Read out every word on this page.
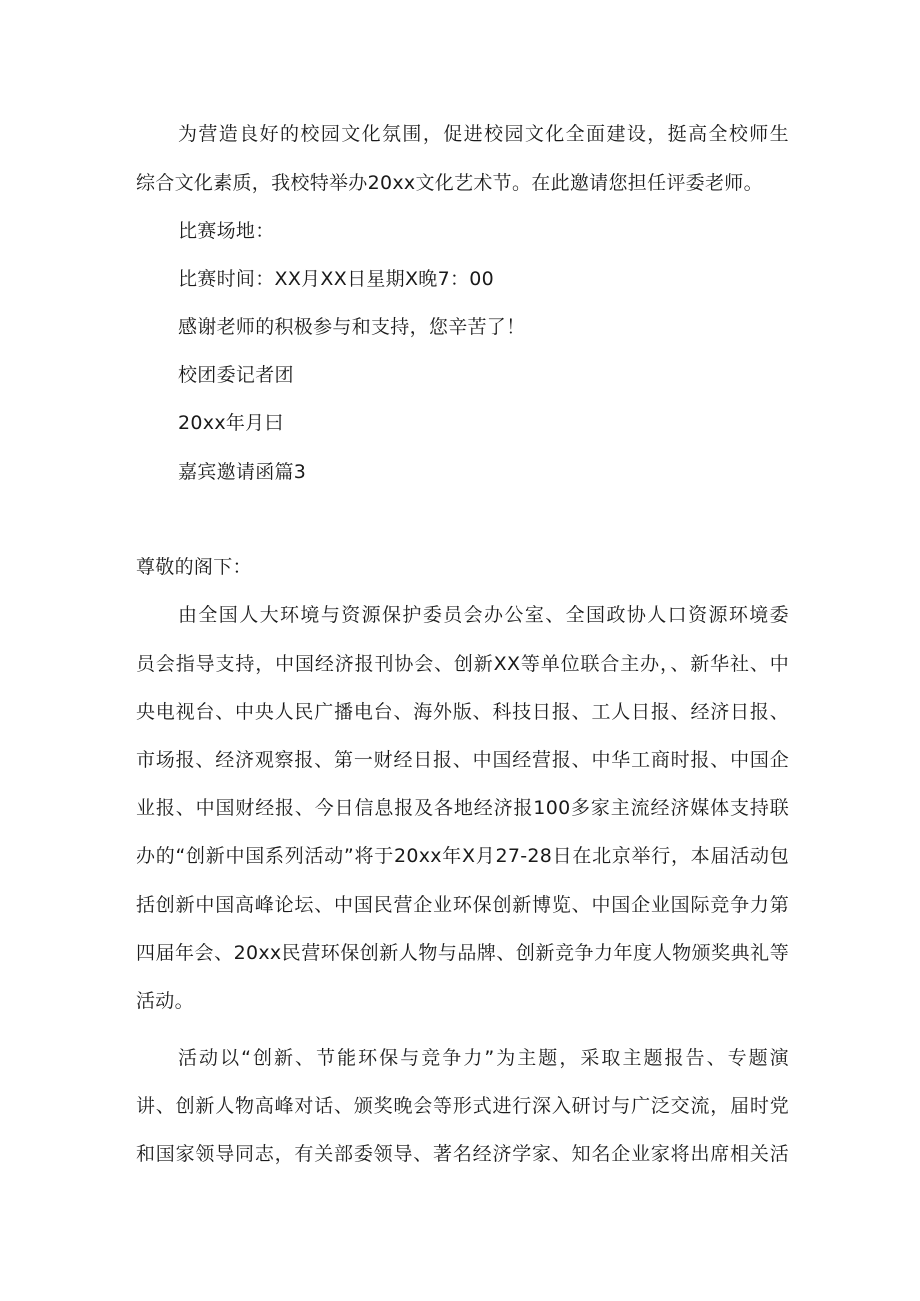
为营造良好的校园文化氛围，促进校园文化全面建设，挺高全校师生
综合文化素质，我校特举办20xx文化艺术节。在此邀请您担任评委老师。
比赛场地：
比赛时间：XX月XX日星期X晚7：00
感谢老师的积极参与和支持，您辛苦了！
校团委记者团
20xx年月曰
嘉宾邀请函篇3
尊敬的阁下：
由全国人大环境与资源保护委员会办公室、全国政协人口资源环境委
员会指导支持，中国经济报刊协会、创新XX等单位联合主办，、新华社、中
央电视台、中央人民广播电台、海外版、科技日报、工人日报、经济日报、
市场报、经济观察报、第一财经日报、中国经营报、中华工商时报、中国企
业报、中国财经报、今日信息报及各地经济报100多家主流经济媒体支持联
办的“创新中国系列活动”将于20xx年X月27-28日在北京举行，本届活动包
括创新中国高峰论坛、中国民营企业环保创新博览、中国企业国际竞争力第
四届年会、20xx民营环保创新人物与品牌、创新竞争力年度人物颁奖典礼等
活动。
活动以“创新、节能环保与竞争力”为主题，采取主题报告、专题演
讲、创新人物高峰对话、颁奖晚会等形式进行深入研讨与广泛交流，届时党
和国家领导同志，有关部委领导、著名经济学家、知名企业家将出席相关活
